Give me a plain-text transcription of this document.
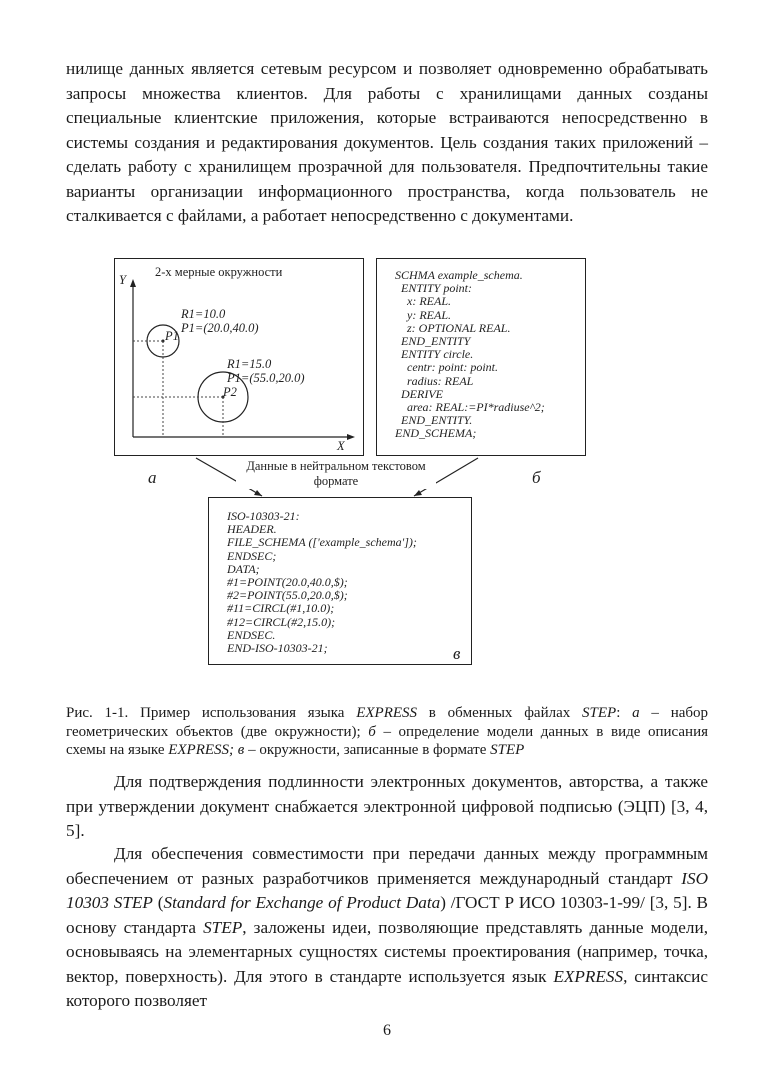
нилище данных является сетевым ресурсом и позволяет одновременно обрабатывать запросы множества клиентов. Для работы с хранилищами данных созданы специальные клиентские приложения, которые встраиваются непосредственно в системы создания и редактирования документов. Цель создания таких приложений – сделать работу с хранилищем прозрачной для пользователя. Предпочтительны такие варианты организации информационного пространства, когда пользователь не сталкивается с файлами, а работает непосредственно с документами.

2-х мерные окружности
Y
X
R1=10.0
P1=(20.0,40.0)
P1
R1=15.0
P1=(55.0,20.0)
P2
SCHMA example_schema.
ENTITY point:
x: REAL.
y: REAL.
z: OPTIONAL REAL.
END_ENTITY
ENTITY circle.
centr: point: point.
radius: REAL
DERIVE
area: REAL:=PI*radiuse^2;
END_ENTITY.
END_SCHEMA;
Данные в нейтральном текстовом формате
а	б
ISO-10303-21:
HEADER.
FILE_SCHEMA (['example_schema']);
ENDSEC;
DATA;
#1=POINT(20.0,40.0,$);
#2=POINT(55.0,20.0,$);
#11=CIRCL(#1,10.0);
#12=CIRCL(#2,15.0);
ENDSEC.
END-ISO-10303-21;	в

Рис. 1-1. Пример использования языка EXPRESS в обменных файлах STEP: а – набор геометрических объектов (две окружности); б – определение модели данных в виде описания схемы на языке EXPRESS; в – окружности, записанные в формате STEP

Для подтверждения подлинности электронных документов, авторства, а также при утверждении документ снабжается электронной цифровой подписью (ЭЦП) [3, 4, 5].

Для обеспечения совместимости при передачи данных между программным обеспечением от разных разработчиков применяется международный стандарт ISO 10303 STEP (Standard for Exchange of Product Data) /ГОСТ Р ИСО 10303-1-99/ [3, 5]. В основу стандарта STEP, заложены идеи, позволяющие представлять данные модели, основываясь на элементарных сущностях системы проектирования (например, точка, вектор, поверхность). Для этого в стандарте используется язык EXPRESS, синтаксис которого позволяет

6
